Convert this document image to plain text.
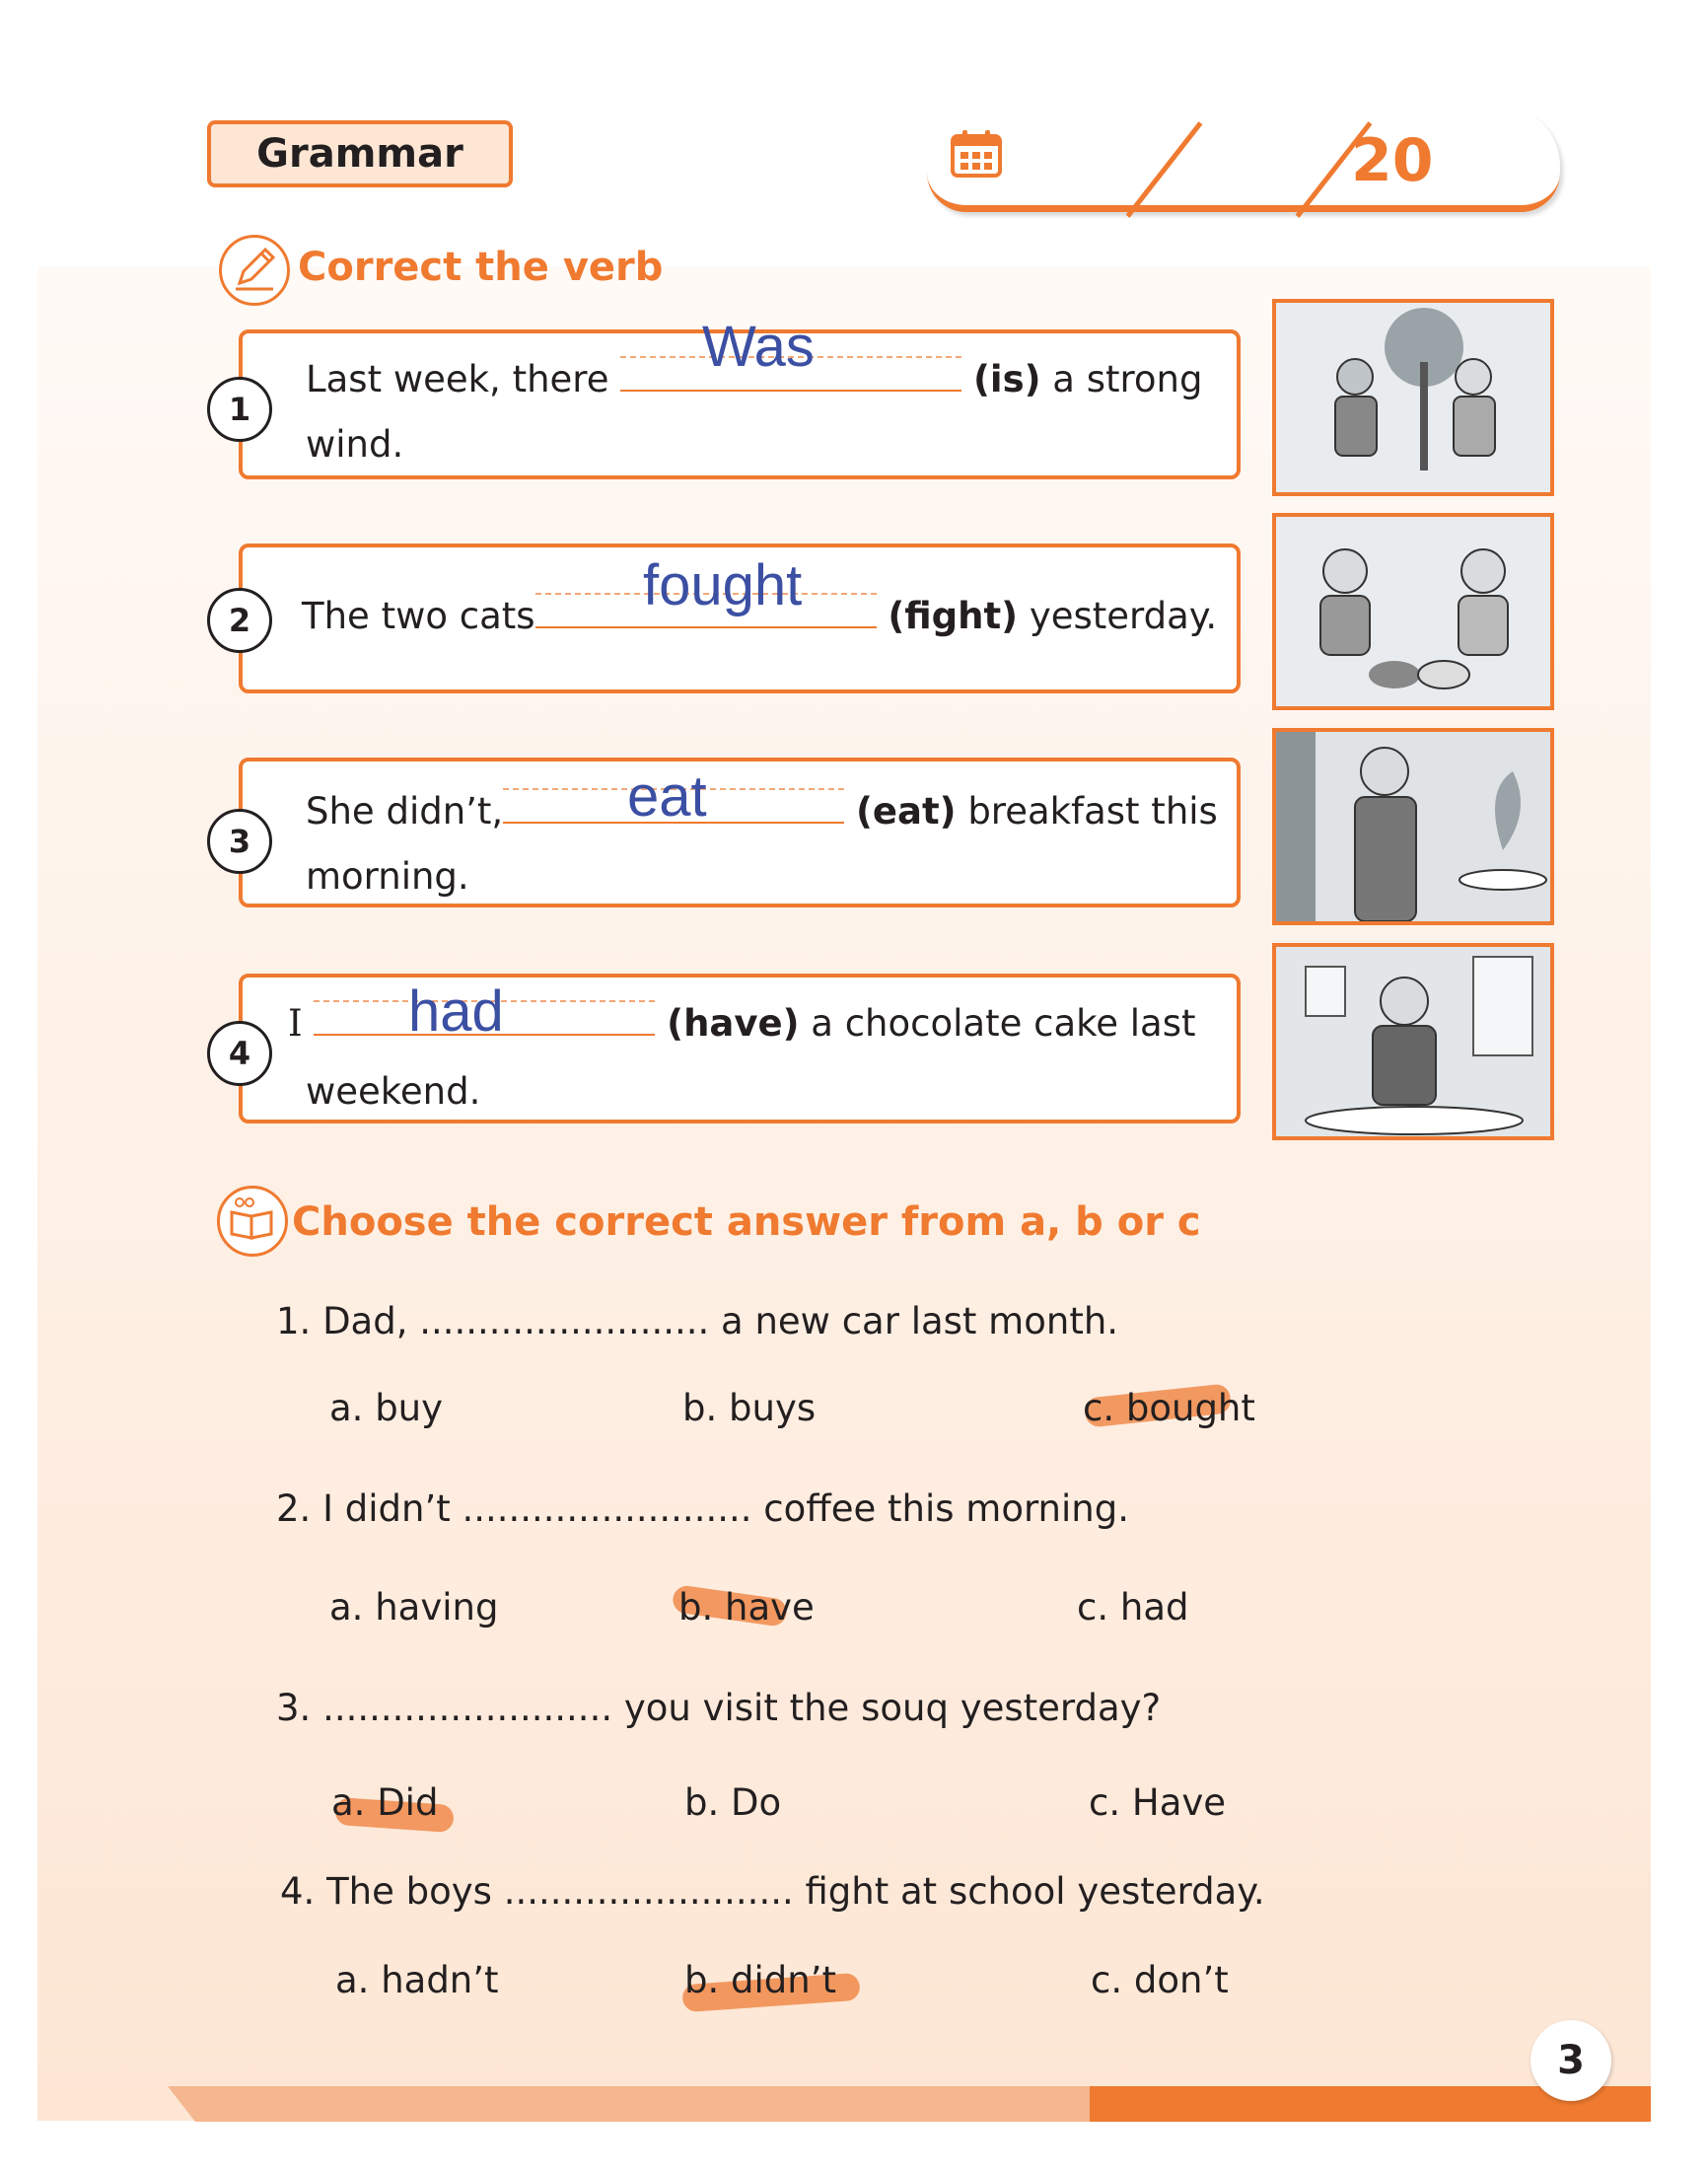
Grammar	20
Correct the verb
1
Last week, there	(is) a strong
wind.
Was
2	The two cats	(fight) yesterday.
fought
3
She didn’t,	(eat) breakfast this
morning.
eat
4
I	(have) a chocolate cake last
weekend.
had
Choose the correct answer from a, b or c
1. Dad, ......................... a new car last month.
a. buy	b. buys	c. bought
2. I didn’t ......................... coffee this morning.
a. having	b. have	c. had
3. ......................... you visit the souq yesterday?
a. Did	b. Do	c. Have
4. The boys ......................... fight at school yesterday.
a. hadn’t	b. didn’t	c. don’t
3
